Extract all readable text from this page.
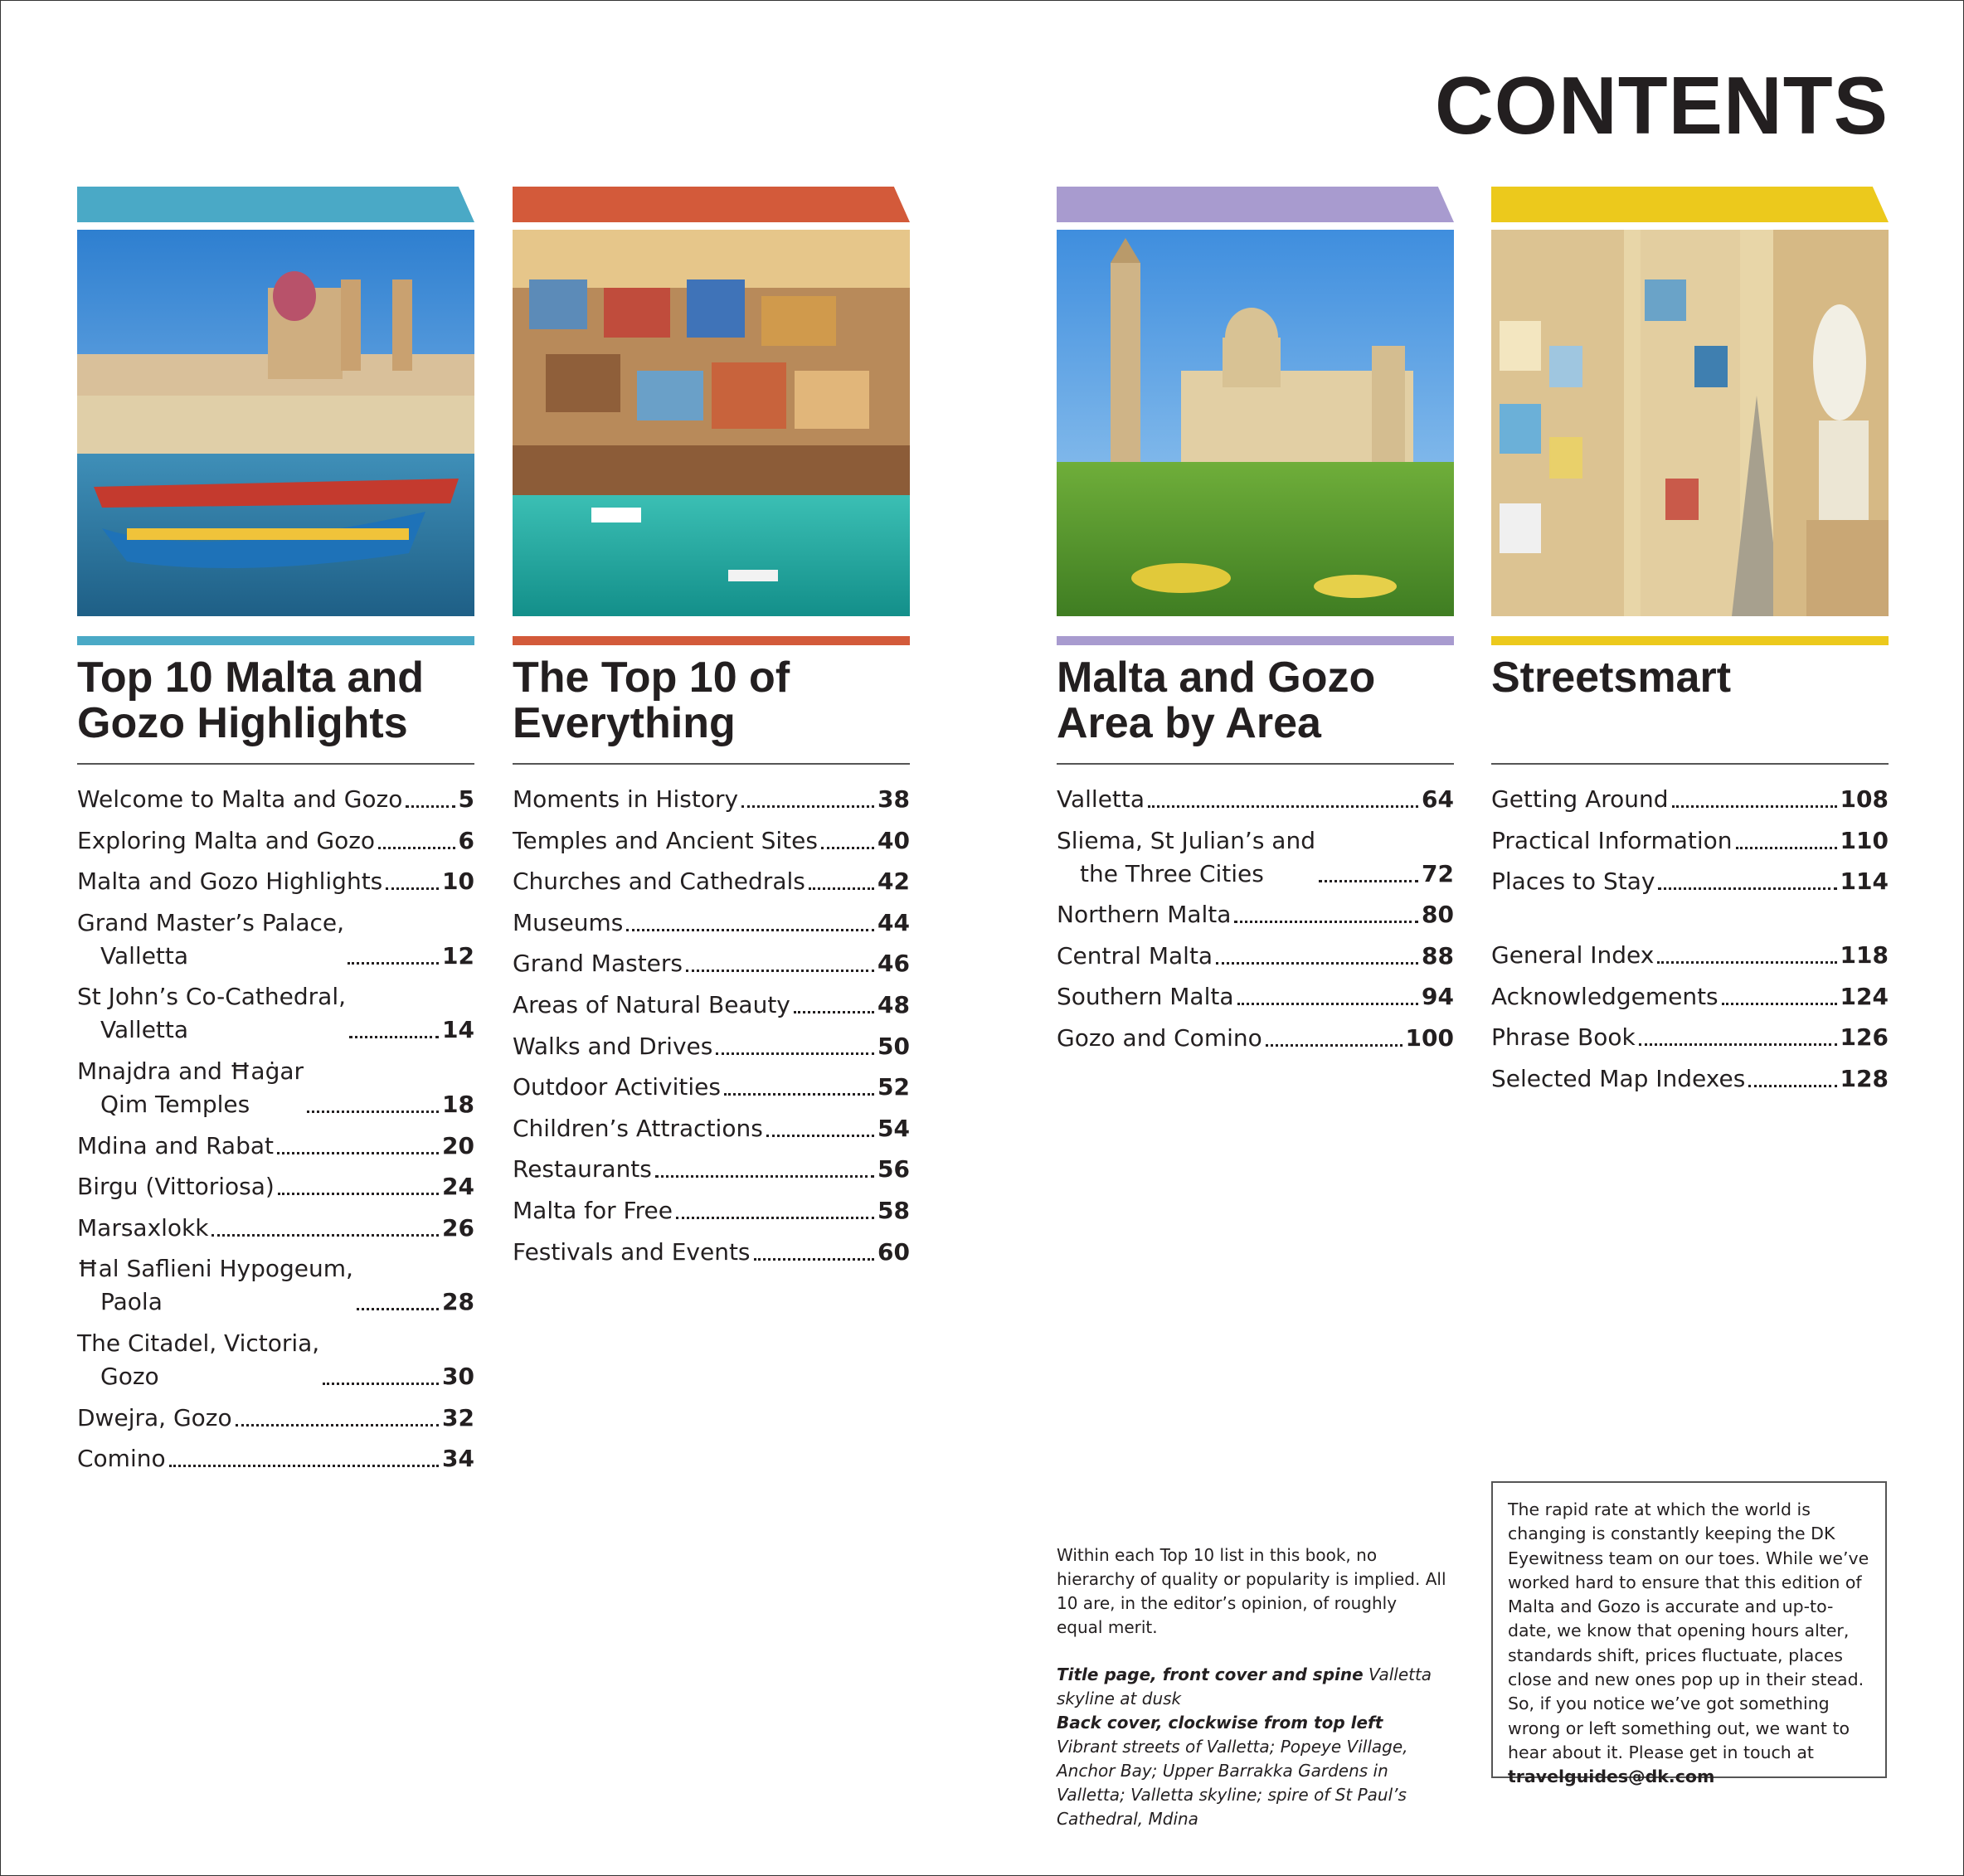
CONTENTS
Top 10 Malta and
Gozo Highlights
Welcome to Malta and Gozo 5
Exploring Malta and Gozo	6
Malta and Gozo Highlights	10
Grand Master’s Palace,
Valletta	12
St John’s Co-Cathedral,
Valletta	14
Mnajdra and Ħaġar
Qim Temples	18
Mdina and Rabat	20
Birgu (Vittoriosa)	24
Marsaxlokk	26
Ħal Saflieni Hypogeum,
Paola	28
The Citadel, Victoria,
Gozo	30
Dwejra, Gozo	32
Comino	34
The Top 10 of
Everything
Moments in History	38
Temples and Ancient Sites	40
Churches and Cathedrals	42
Museums	44
Grand Masters	46
Areas of Natural Beauty	48
Walks and Drives	50
Outdoor Activities	52
Children’s Attractions	54
Restaurants	56
Malta for Free	58
Festivals and Events	60
Malta and Gozo
Area by Area
Valletta	64
Sliema, St Julian’s and
the Three Cities	72
Northern Malta	80
Central Malta	88
Southern Malta	94
Gozo and Comino	100
Streetsmart

Getting Around	108
Practical Information	110
Places to Stay	114
General Index	118
Acknowledgements	124
Phrase Book	126
Selected Map Indexes	128

Within each Top 10 list in this book, no hierarchy of quality or popularity is implied. All 10 are, in the editor’s opinion, of roughly equal merit.

Title page, front cover and spine Valletta skyline at dusk
Back cover, clockwise from top left Vibrant streets of Valletta; Popeye Village, Anchor Bay; Upper Barrakka Gardens in Valletta; Valletta skyline; spire of St Paul’s Cathedral, Mdina
The rapid rate at which the world is changing is constantly keeping the DK Eyewitness team on our toes. While we’ve worked hard to ensure that this edition of Malta and Gozo is accurate and up-to-date, we know that opening hours alter, standards shift, prices fluctuate, places close and new ones pop up in their stead. So, if you notice we’ve got something wrong or left something out, we want to hear about it. Please get in touch at travelguides@dk.com
